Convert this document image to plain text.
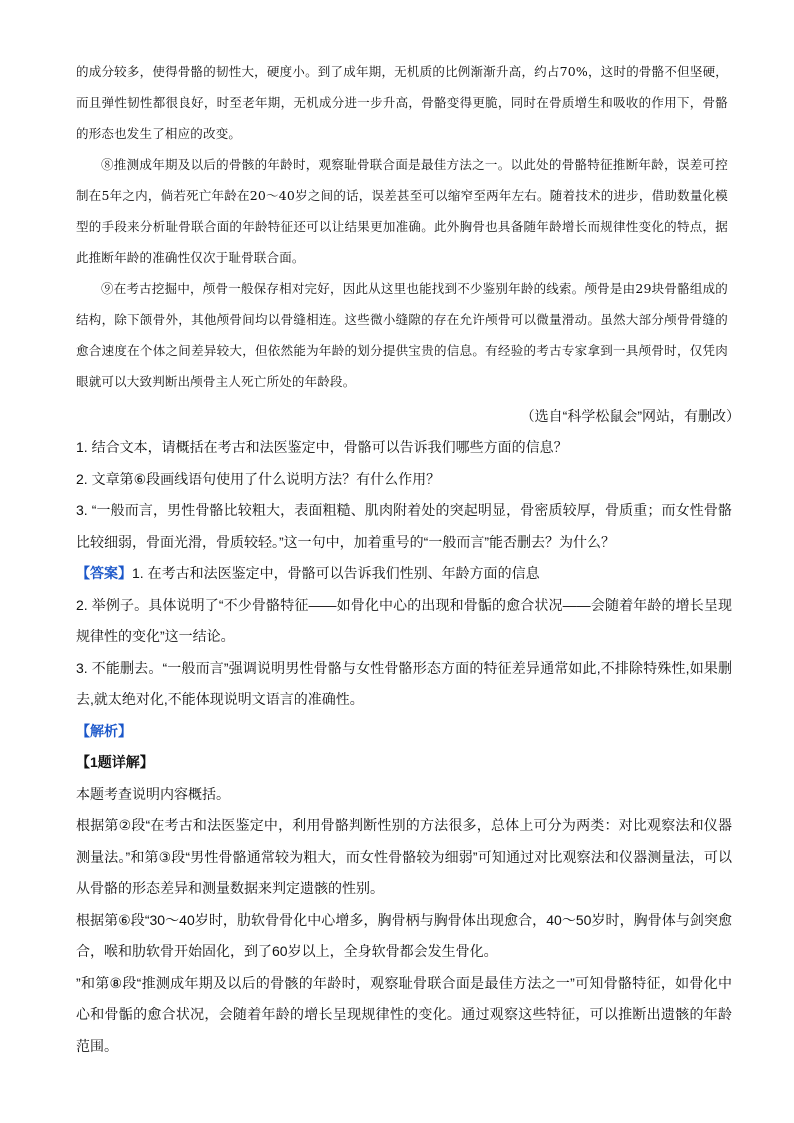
的成分较多，使得骨骼的韧性大，硬度小。到了成年期，无机质的比例渐渐升高，约占70%，这时的骨骼不但坚硬，而且弹性韧性都很良好，时至老年期，无机成分进一步升高，骨骼变得更脆，同时在骨质增生和吸收的作用下，骨骼的形态也发生了相应的改变。

⑧推测成年期及以后的骨骸的年龄时，观察耻骨联合面是最佳方法之一。以此处的骨骼特征推断年龄，误差可控制在5年之内，倘若死亡年龄在20～40岁之间的话，误差甚至可以缩窄至两年左右。随着技术的进步，借助数量化模型的手段来分析耻骨联合面的年龄特征还可以让结果更加准确。此外胸骨也具备随年龄增长而规律性变化的特点，据此推断年龄的准确性仅次于耻骨联合面。

⑨在考古挖掘中，颅骨一般保存相对完好，因此从这里也能找到不少鉴别年龄的线索。颅骨是由29块骨骼组成的结构，除下颌骨外，其他颅骨间均以骨缝相连。这些微小缝隙的存在允许颅骨可以微量滑动。虽然大部分颅骨骨缝的愈合速度在个体之间差异较大，但依然能为年龄的划分提供宝贵的信息。有经验的考古专家拿到一具颅骨时，仅凭肉眼就可以大致判断出颅骨主人死亡所处的年龄段。

（选自“科学松鼠会”网站，有删改）

1. 结合文本，请概括在考古和法医鉴定中，骨骼可以告诉我们哪些方面的信息？

2. 文章第⑥段画线语句使用了什么说明方法？有什么作用？

3. “一般而言，男性骨骼比较粗大，表面粗糙、肌肉附着处的突起明显，骨密质较厚，骨质重；而女性骨骼比较细弱，骨面光滑，骨质较轻。”这一句中，加着重号的“一般而言”能否删去？为什么？

【答案】1. 在考古和法医鉴定中，骨骼可以告诉我们性别、年龄方面的信息

2. 举例子。具体说明了“不少骨骼特征——如骨化中心的出现和骨骺的愈合状况——会随着年龄的增长呈现规律性的变化”这一结论。

3. 不能删去。“一般而言”强调说明男性骨骼与女性骨骼形态方面的特征差异通常如此,不排除特殊性,如果删去,就太绝对化,不能体现说明文语言的准确性。

【解析】

【1题详解】

本题考查说明内容概括。

根据第②段“在考古和法医鉴定中，利用骨骼判断性别的方法很多，总体上可分为两类：对比观察法和仪器测量法。”和第③段“男性骨骼通常较为粗大，而女性骨骼较为细弱”可知通过对比观察法和仪器测量法，可以从骨骼的形态差异和测量数据来判定遗骸的性别。

根据第⑥段“30～40岁时，肋软骨骨化中心增多，胸骨柄与胸骨体出现愈合，40～50岁时，胸骨体与剑突愈合，喉和肋软骨开始固化，到了60岁以上，全身软骨都会发生骨化。

”和第⑧段“推测成年期及以后的骨骸的年龄时，观察耻骨联合面是最佳方法之一”可知骨骼特征，如骨化中心和骨骺的愈合状况，会随着年龄的增长呈现规律性的变化。通过观察这些特征，可以推断出遗骸的年龄范围。
